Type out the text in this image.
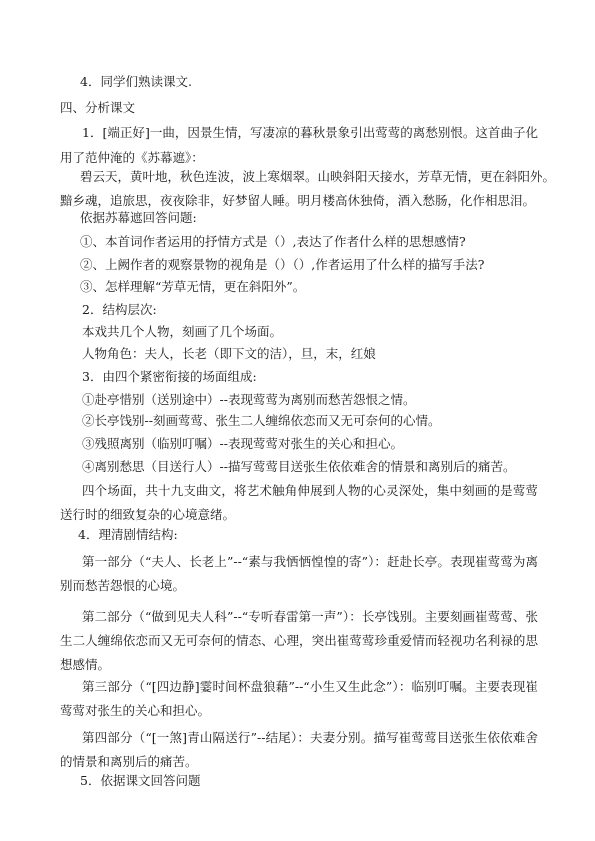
4．同学们熟读课文.
四、分析课文
1．[端正好]一曲，因景生情，写凄凉的暮秋景象引出莺莺的离愁别恨。这首曲子化用了范仲淹的《苏幕遮》：
碧云天，黄叶地，秋色连波，波上寒烟翠。山映斜阳天接水，芳草无情，更在斜阳外。
黯乡魂，追旅思，夜夜除非，好梦留人睡。明月楼高休独倚，酒入愁肠，化作相思泪。
依据苏幕遮回答问题:
①、本首词作者运用的抒情方式是（）,表达了作者什么样的思想感情?
②、上阙作者的观察景物的视角是（）（）,作者运用了什么样的描写手法?
③、怎样理解“芳草无情，更在斜阳外”。
2．结构层次:
本戏共几个人物，刻画了几个场面。
人物角色：夫人，长老（即下文的洁），旦，末，红娘
3．由四个紧密衔接的场面组成:
①赴亭惜别（送别途中）--表现莺莺为离别而愁苦怨恨之情。
②长亭饯别--刻画莺莺、张生二人缠绵依恋而又无可奈何的心情。
③残照离别（临别叮嘱）--表现莺莺对张生的关心和担心。
④离别愁思（目送行人）--描写莺莺目送张生依依难舍的情景和离别后的痛苦。
四个场面，共十九支曲文，将艺术触角伸展到人物的心灵深处，集中刻画的是莺莺送行时的细致复杂的心境意绪。
4．理清剧情结构:
第一部分（“夫人、长老上”--“素与我恓恓惶惶的寄”）：赶赴长亭。表现崔莺莺为离别而愁苦怨恨的心境。
第二部分（“做到见夫人科”--“专听春雷第一声”）：长亭饯别。主要刻画崔莺莺、张生二人缠绵依恋而又无可奈何的情态、心理，突出崔莺莺珍重爱情而轻视功名利禄的思想感情。
第三部分（“[四边静]霎时间杯盘狼藉”--“小生又生此念”）：临别叮嘱。主要表现崔莺莺对张生的关心和担心。
第四部分（“[一煞]青山隔送行”--结尾）：夫妻分别。描写崔莺莺目送张生依依难舍的情景和离别后的痛苦。
5．依据课文回答问题
